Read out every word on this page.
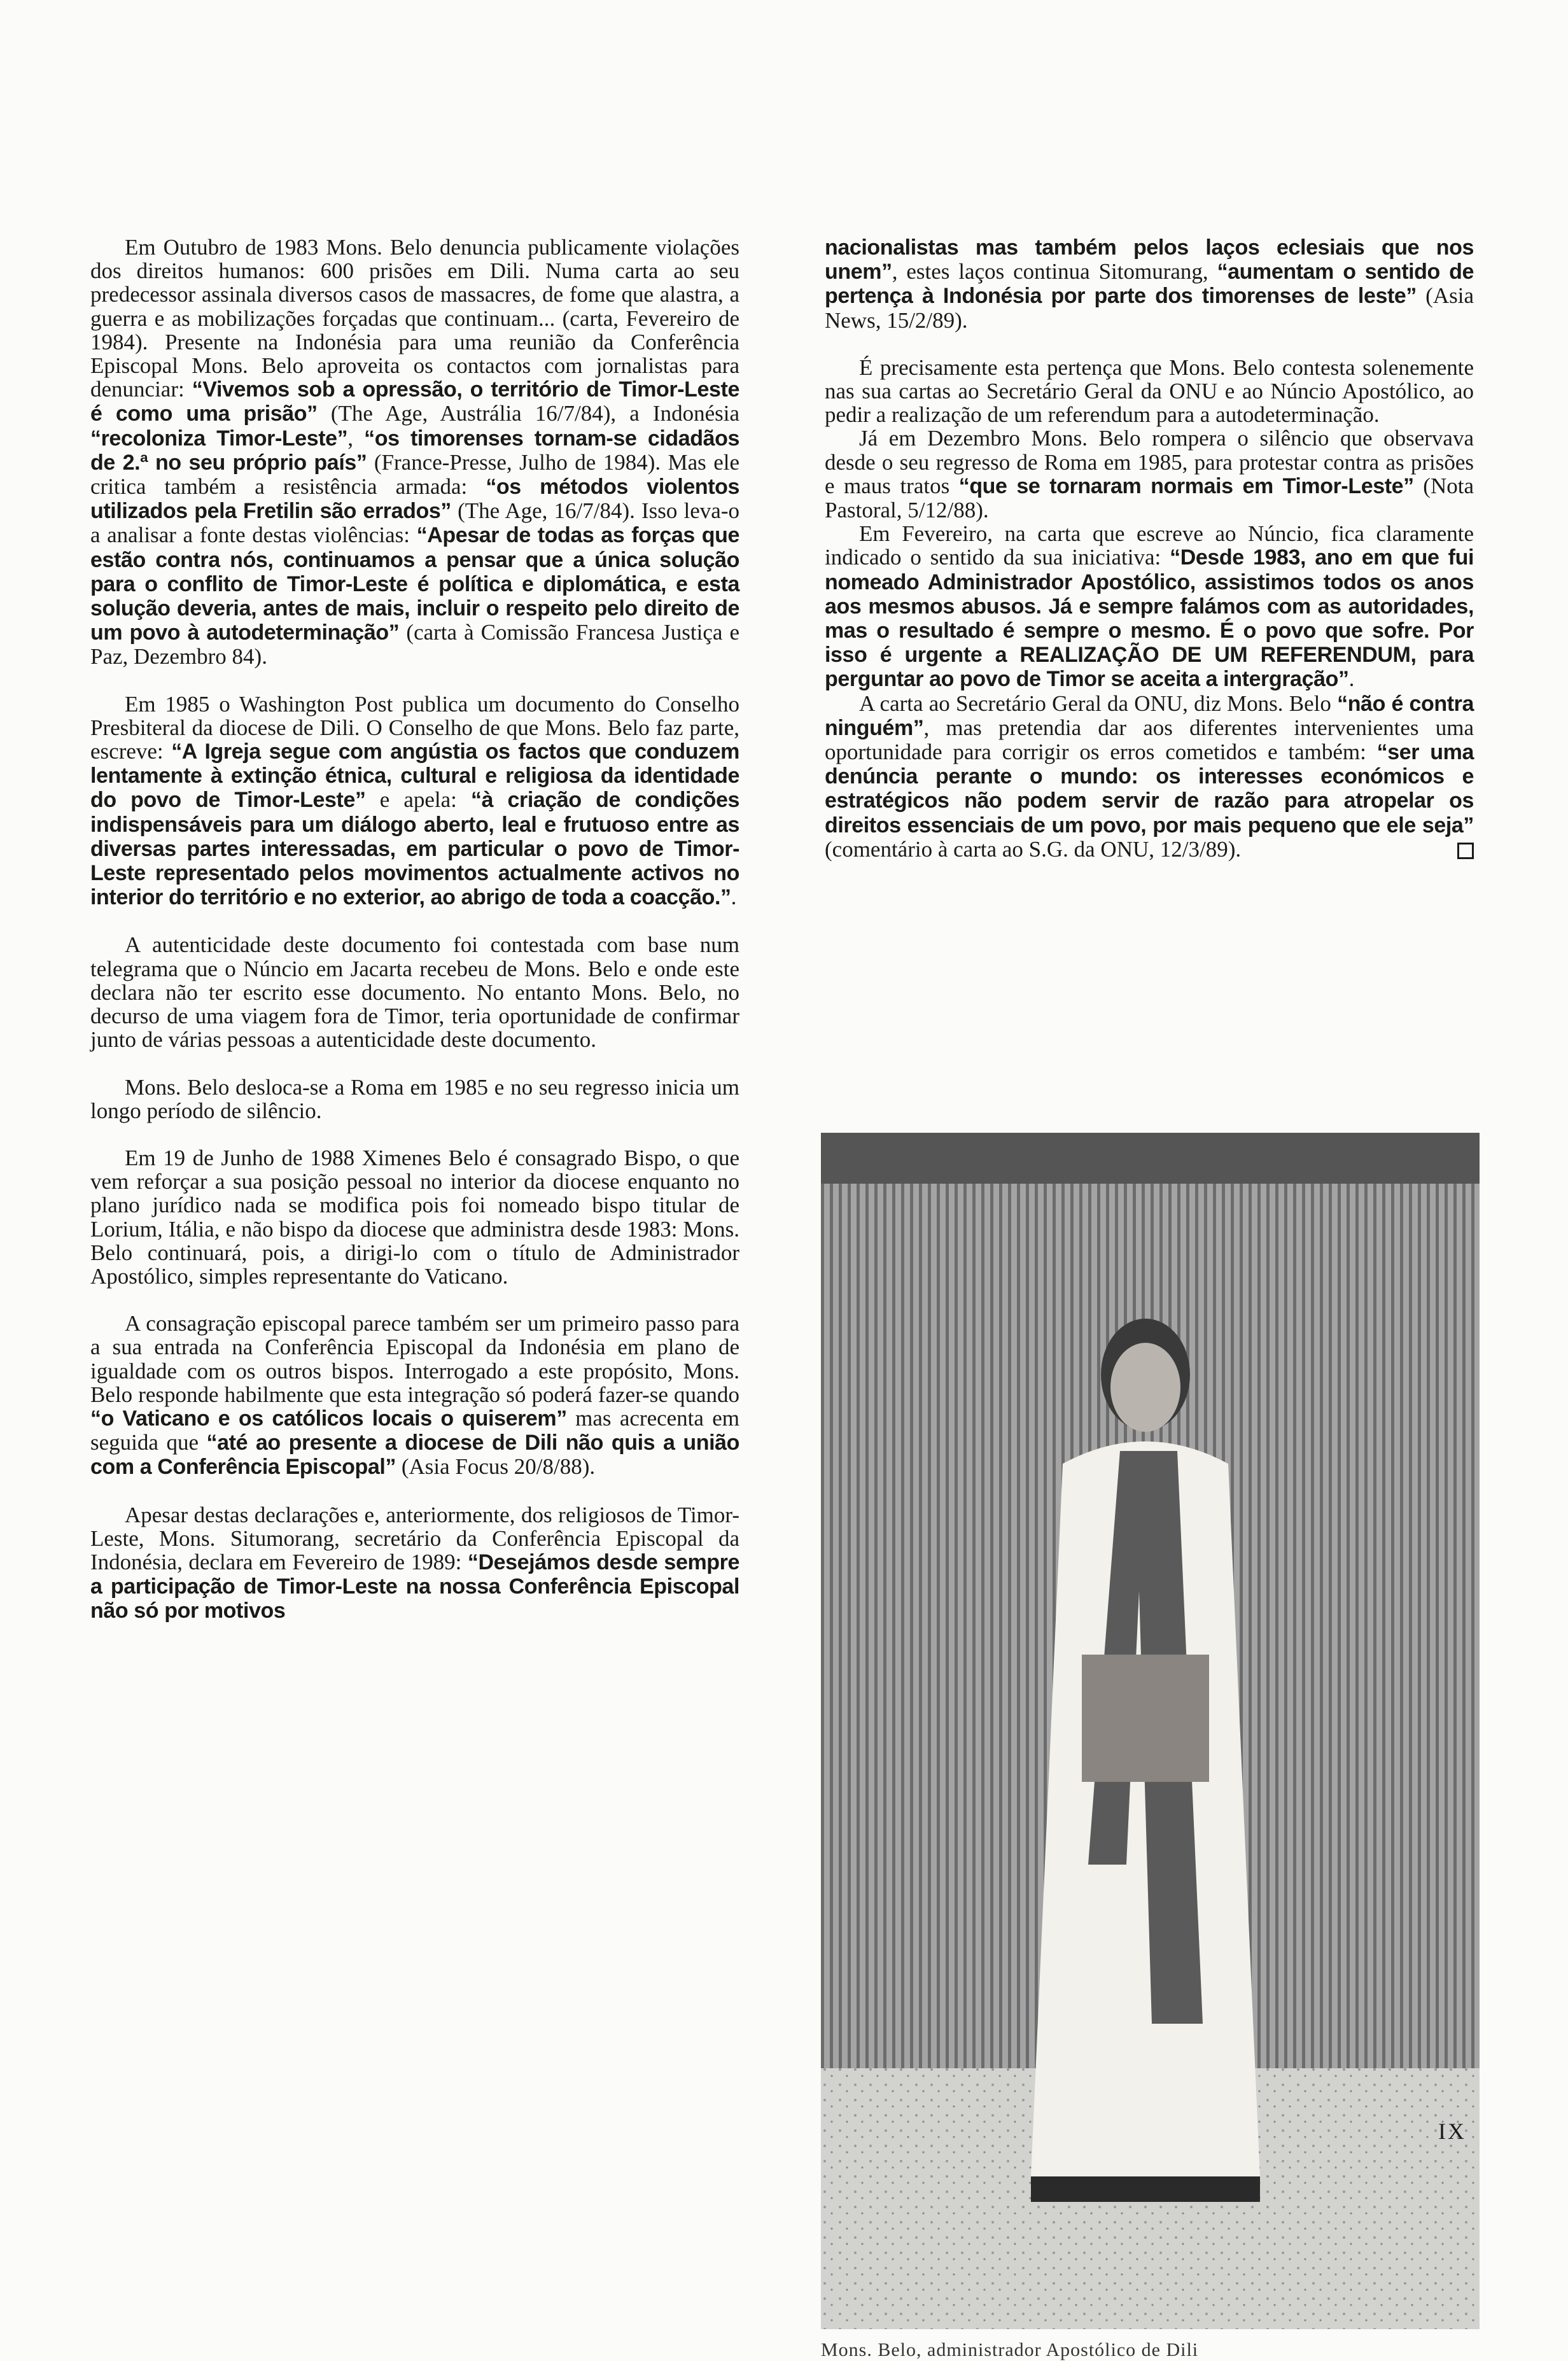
Em Outubro de 1983 Mons. Belo denuncia publicamente violações dos direitos humanos: 600 prisões em Dili. Numa carta ao seu predecessor assinala diversos casos de massacres, de fome que alastra, a guerra e as mobilizações forçadas que continuam... (carta, Fevereiro de 1984). Presente na Indonésia para uma reunião da Conferência Episcopal Mons. Belo aproveita os contactos com jornalistas para denunciar: “Vivemos sob a opressão, o território de Timor-Leste é como uma prisão” (The Age, Austrália 16/7/84), a Indonésia “recoloniza Timor-Leste”, “os timorenses tornam-se cidadãos de 2.ª no seu próprio país” (France-Presse, Julho de 1984). Mas ele critica também a resistência armada: “os métodos violentos utilizados pela Fretilin são errados” (The Age, 16/7/84). Isso leva-o a analisar a fonte destas violências: “Apesar de todas as forças que estão contra nós, continuamos a pensar que a única solução para o conflito de Timor-Leste é política e diplomática, e esta solução deveria, antes de mais, incluir o respeito pelo direito de um povo à autodeterminação” (carta à Comissão Francesa Justiça e Paz, Dezembro 84).

Em 1985 o Washington Post publica um documento do Conselho Presbiteral da diocese de Dili. O Conselho de que Mons. Belo faz parte, escreve: “A Igreja segue com angústia os factos que conduzem lentamente à extinção étnica, cultural e religiosa da identidade do povo de Timor-Leste” e apela: “à criação de condições indispensáveis para um diálogo aberto, leal e frutuoso entre as diversas partes interessadas, em particular o povo de Timor-Leste representado pelos movimentos actualmente activos no interior do território e no exterior, ao abrigo de toda a coacção.”.

A autenticidade deste documento foi contestada com base num telegrama que o Núncio em Jacarta recebeu de Mons. Belo e onde este declara não ter escrito esse documento. No entanto Mons. Belo, no decurso de uma viagem fora de Timor, teria oportunidade de confirmar junto de várias pessoas a autenticidade deste documento.

Mons. Belo desloca-se a Roma em 1985 e no seu regresso inicia um longo período de silêncio.

Em 19 de Junho de 1988 Ximenes Belo é consagrado Bispo, o que vem reforçar a sua posição pessoal no interior da diocese enquanto no plano jurídico nada se modifica pois foi nomeado bispo titular de Lorium, Itália, e não bispo da diocese que administra desde 1983: Mons. Belo continuará, pois, a dirigi-lo com o título de Administrador Apostólico, simples representante do Vaticano.

A consagração episcopal parece também ser um primeiro passo para a sua entrada na Conferência Episcopal da Indonésia em plano de igualdade com os outros bispos. Interrogado a este propósito, Mons. Belo responde habilmente que esta integração só poderá fazer-se quando “o Vaticano e os católicos locais o quiserem” mas acrecenta em seguida que “até ao presente a diocese de Dili não quis a união com a Conferência Episcopal” (Asia Focus 20/8/88).

Apesar destas declarações e, anteriormente, dos religiosos de Timor-Leste, Mons. Situmorang, secretário da Conferência Episcopal da Indonésia, declara em Fevereiro de 1989: “Desejámos desde sempre a participação de Timor-Leste na nossa Conferência Episcopal não só por motivos

nacionalistas mas também pelos laços eclesiais que nos unem”, estes laços continua Sitomurang, “aumentam o sentido de pertença à Indonésia por parte dos timorenses de leste” (Asia News, 15/2/89).

É precisamente esta pertença que Mons. Belo contesta solenemente nas sua cartas ao Secretário Geral da ONU e ao Núncio Apostólico, ao pedir a realização de um referendum para a autodeterminação.

Já em Dezembro Mons. Belo rompera o silêncio que observava desde o seu regresso de Roma em 1985, para protestar contra as prisões e maus tratos “que se tornaram normais em Timor-Leste” (Nota Pastoral, 5/12/88).

Em Fevereiro, na carta que escreve ao Núncio, fica claramente indicado o sentido da sua iniciativa: “Desde 1983, ano em que fui nomeado Administrador Apostólico, assistimos todos os anos aos mesmos abusos. Já e sempre falámos com as autoridades, mas o resultado é sempre o mesmo. É o povo que sofre. Por isso é urgente a REALIZAÇÃO DE UM REFERENDUM, para perguntar ao povo de Timor se aceita a intergração”.

A carta ao Secretário Geral da ONU, diz Mons. Belo “não é contra ninguém”, mas pretendia dar aos diferentes intervenientes uma oportunidade para corrigir os erros cometidos e também: “ser uma denúncia perante o mundo: os interesses económicos e estratégicos não podem servir de razão para atropelar os direitos essenciais de um povo, por mais pequeno que ele seja” (comentário à carta ao S.G. da ONU, 12/3/89).

Mons. Belo, administrador Apostólico de Dili
IX
